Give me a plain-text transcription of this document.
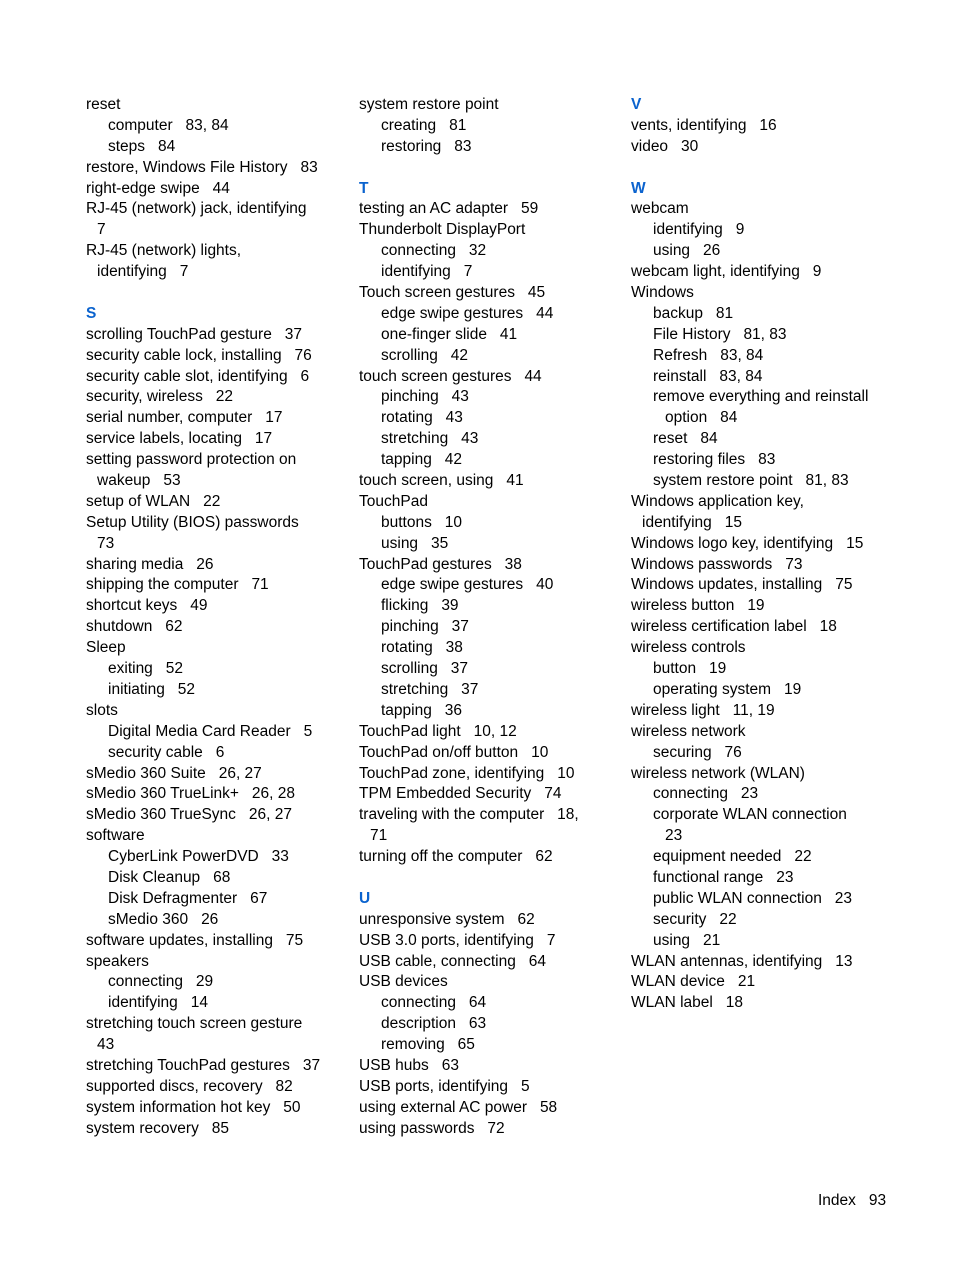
reset
computer 83, 84
steps 84
restore, Windows File History 83
right-edge swipe 44
RJ-45 (network) jack, identifying
7
RJ-45 (network) lights,
identifying 7
S
scrolling TouchPad gesture 37
security cable lock, installing 76
security cable slot, identifying 6
security, wireless 22
serial number, computer 17
service labels, locating 17
setting password protection on
wakeup 53
setup of WLAN 22
Setup Utility (BIOS) passwords
73
sharing media 26
shipping the computer 71
shortcut keys 49
shutdown 62
Sleep
exiting 52
initiating 52
slots
Digital Media Card Reader 5
security cable 6
sMedio 360 Suite 26, 27
sMedio 360 TrueLink+ 26, 28
sMedio 360 TrueSync 26, 27
software
CyberLink PowerDVD 33
Disk Cleanup 68
Disk Defragmenter 67
sMedio 360 26
software updates, installing 75
speakers
connecting 29
identifying 14
stretching touch screen gesture
43
stretching TouchPad gestures 37
supported discs, recovery 82
system information hot key 50
system recovery 85
system restore point
creating 81
restoring 83
T
testing an AC adapter 59
Thunderbolt DisplayPort
connecting 32
identifying 7
Touch screen gestures 45
edge swipe gestures 44
one-finger slide 41
scrolling 42
touch screen gestures 44
pinching 43
rotating 43
stretching 43
tapping 42
touch screen, using 41
TouchPad
buttons 10
using 35
TouchPad gestures 38
edge swipe gestures 40
flicking 39
pinching 37
rotating 38
scrolling 37
stretching 37
tapping 36
TouchPad light 10, 12
TouchPad on/off button 10
TouchPad zone, identifying 10
TPM Embedded Security 74
traveling with the computer 18,
71
turning off the computer 62
U
unresponsive system 62
USB 3.0 ports, identifying 7
USB cable, connecting 64
USB devices
connecting 64
description 63
removing 65
USB hubs 63
USB ports, identifying 5
using external AC power 58
using passwords 72
V
vents, identifying 16
video 30
W
webcam
identifying 9
using 26
webcam light, identifying 9
Windows
backup 81
File History 81, 83
Refresh 83, 84
reinstall 83, 84
remove everything and reinstall
option 84
reset 84
restoring files 83
system restore point 81, 83
Windows application key,
identifying 15
Windows logo key, identifying 15
Windows passwords 73
Windows updates, installing 75
wireless button 19
wireless certification label 18
wireless controls
button 19
operating system 19
wireless light 11, 19
wireless network
securing 76
wireless network (WLAN)
connecting 23
corporate WLAN connection
23
equipment needed 22
functional range 23
public WLAN connection 23
security 22
using 21
WLAN antennas, identifying 13
WLAN device 21
WLAN label 18
Index 93
